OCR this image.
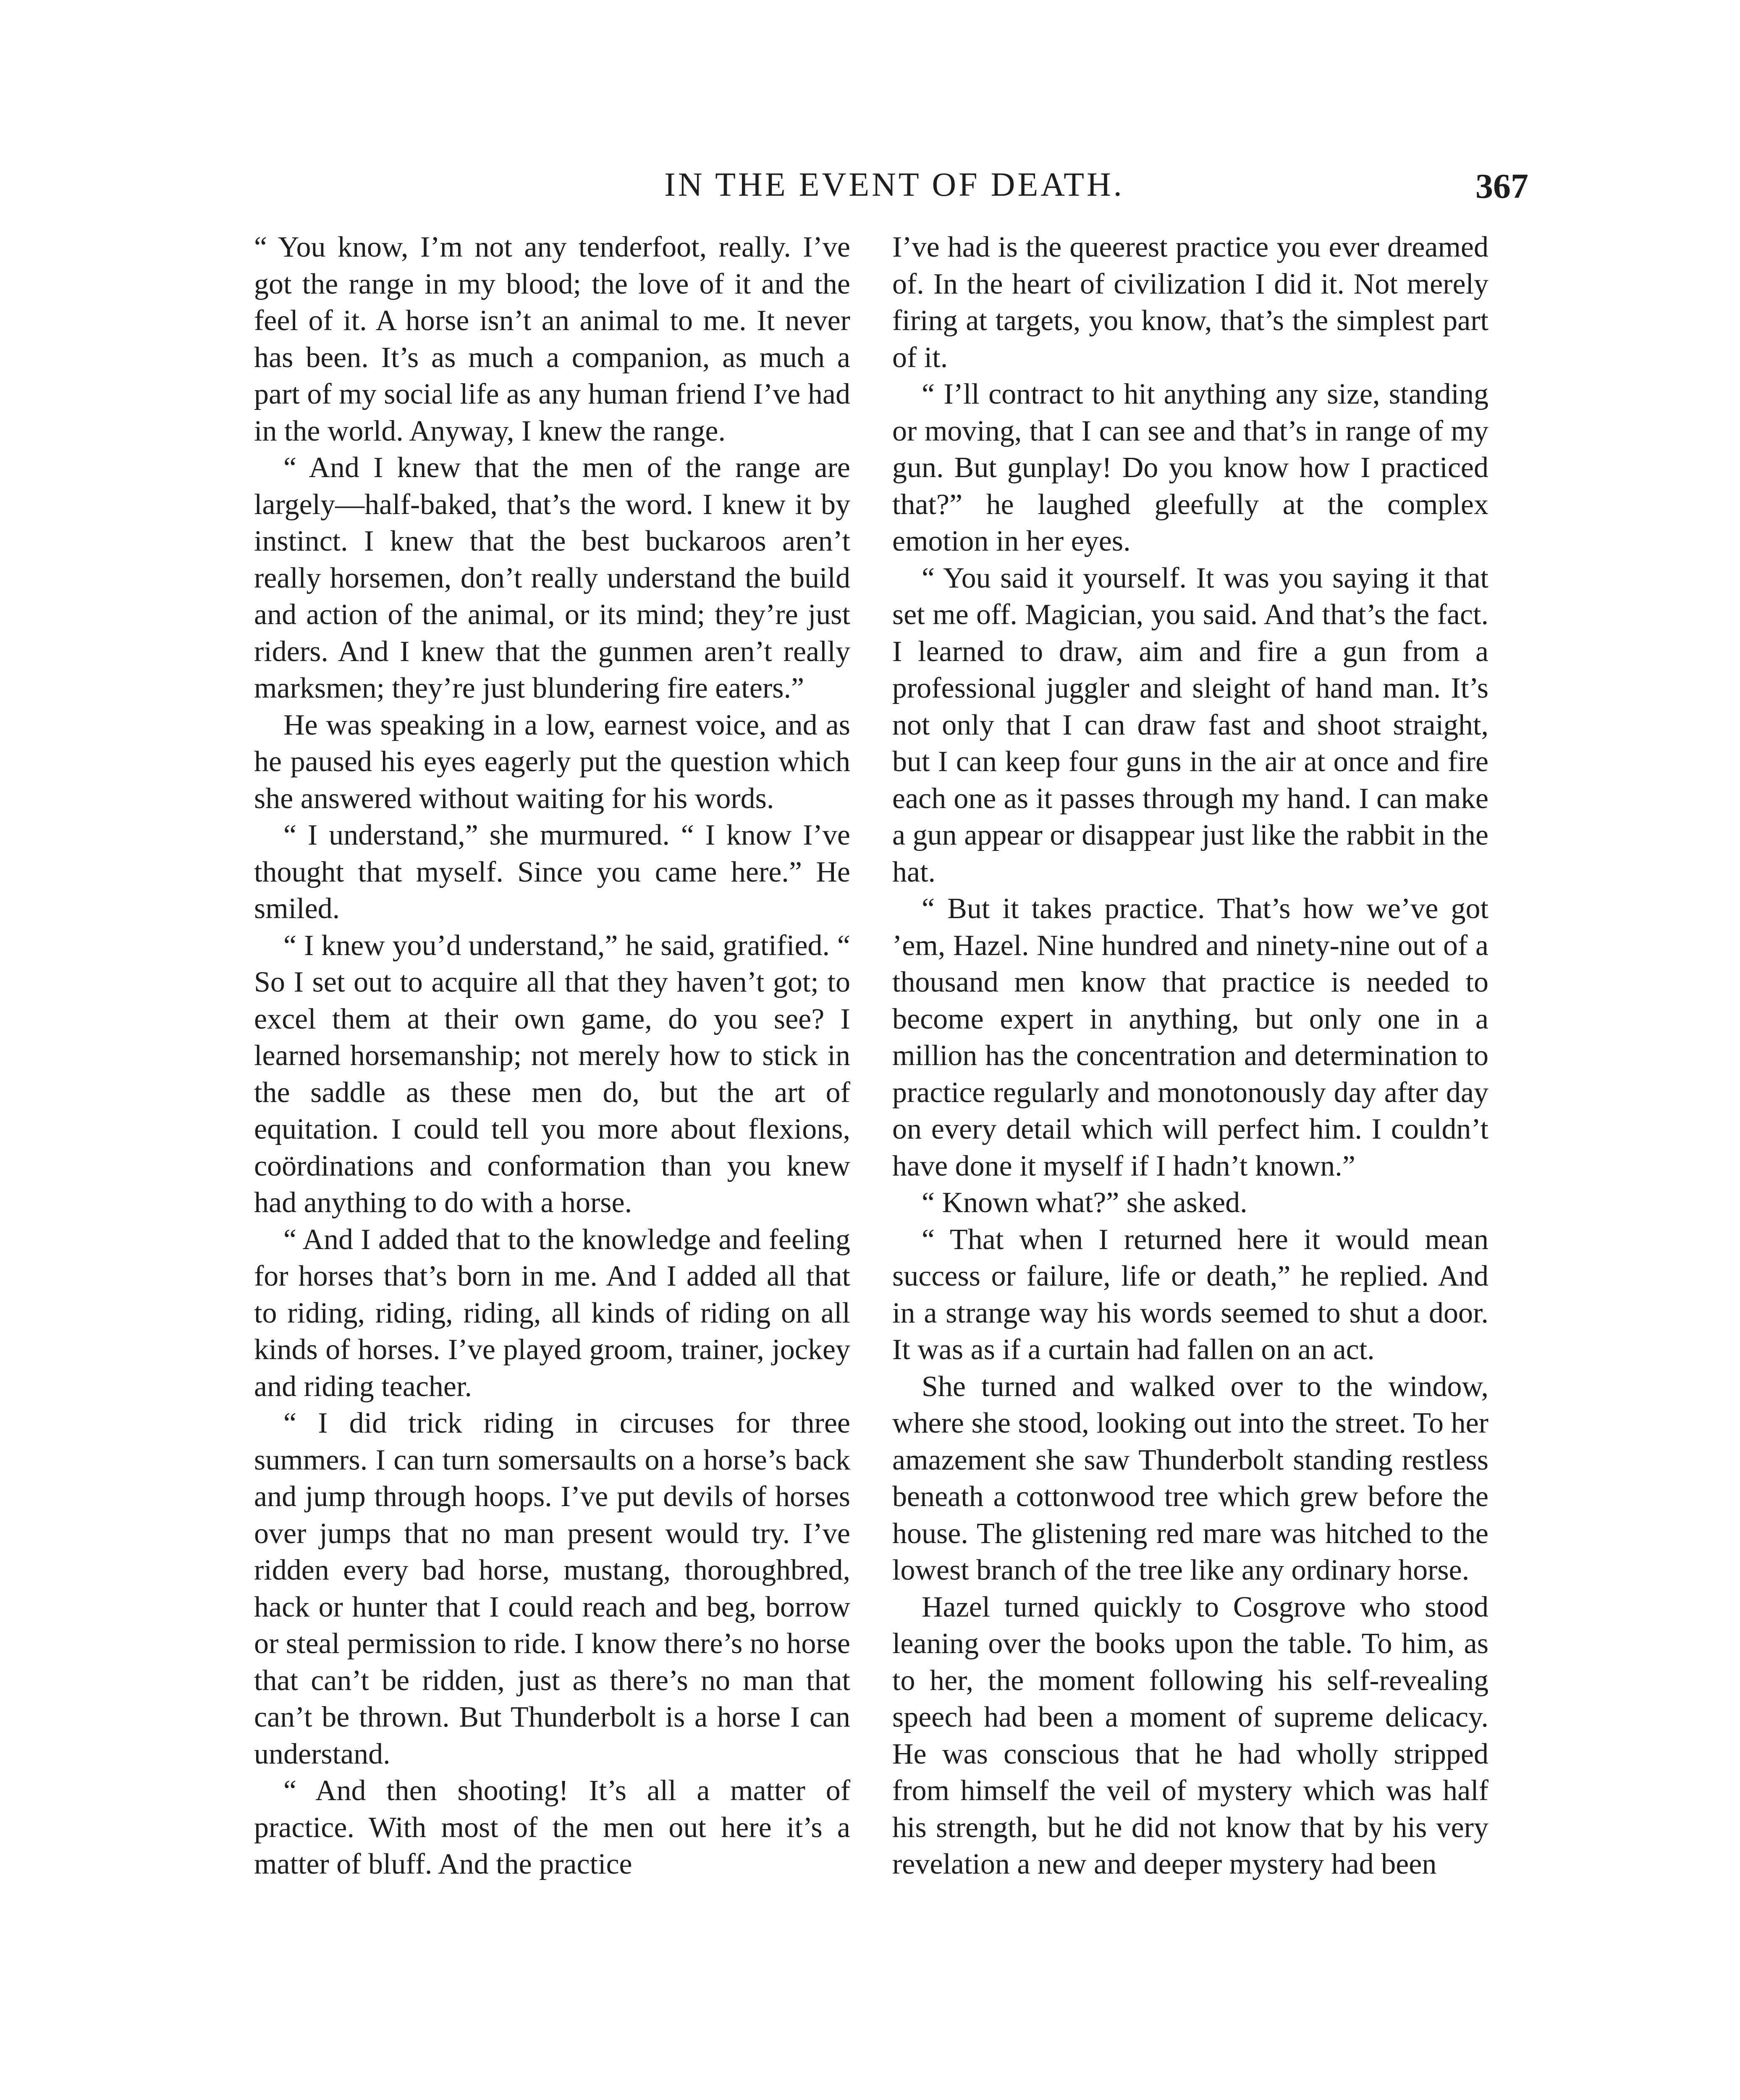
IN THE EVENT OF DEATH.	367

“ You know, I’m not any tenderfoot, really. I’ve got the range in my blood; the love of it and the feel of it. A horse isn’t an animal to me. It never has been. It’s as much a companion, as much a part of my social life as any human friend I’ve had in the world. Anyway, I knew the range.

“ And I knew that the men of the range are largely—half-baked, that’s the word. I knew it by instinct. I knew that the best buckaroos aren’t really horsemen, don’t really understand the build and action of the animal, or its mind; they’re just riders. And I knew that the gunmen aren’t really marksmen; they’re just blundering fire eaters.”

He was speaking in a low, earnest voice, and as he paused his eyes eagerly put the question which she answered without waiting for his words.

“ I understand,” she murmured. “ I know I’ve thought that myself. Since you came here.” He smiled.

“ I knew you’d understand,” he said, gratified. “ So I set out to acquire all that they haven’t got; to excel them at their own game, do you see? I learned horsemanship; not merely how to stick in the saddle as these men do, but the art of equitation. I could tell you more about flexions, coördinations and conformation than you knew had anything to do with a horse.

“ And I added that to the knowledge and feeling for horses that’s born in me. And I added all that to riding, riding, riding, all kinds of riding on all kinds of horses. I’ve played groom, trainer, jockey and riding teacher.

“ I did trick riding in circuses for three summers. I can turn somersaults on a horse’s back and jump through hoops. I’ve put devils of horses over jumps that no man present would try. I’ve ridden every bad horse, mustang, thoroughbred, hack or hunter that I could reach and beg, borrow or steal permission to ride. I know there’s no horse that can’t be ridden, just as there’s no man that can’t be thrown. But Thunderbolt is a horse I can understand.

“ And then shooting! It’s all a matter of practice. With most of the men out here it’s a matter of bluff. And the practice

I’ve had is the queerest practice you ever dreamed of. In the heart of civilization I did it. Not merely firing at targets, you know, that’s the simplest part of it.

“ I’ll contract to hit anything any size, standing or moving, that I can see and that’s in range of my gun. But gunplay! Do you know how I practiced that?” he laughed gleefully at the complex emotion in her eyes.

“ You said it yourself. It was you saying it that set me off. Magician, you said. And that’s the fact. I learned to draw, aim and fire a gun from a professional juggler and sleight of hand man. It’s not only that I can draw fast and shoot straight, but I can keep four guns in the air at once and fire each one as it passes through my hand. I can make a gun appear or disappear just like the rabbit in the hat.

“ But it takes practice. That’s how we’ve got ’em, Hazel. Nine hundred and ninety-nine out of a thousand men know that practice is needed to become expert in anything, but only one in a million has the concentration and determination to practice regularly and monotonously day after day on every detail which will perfect him. I couldn’t have done it myself if I hadn’t known.”

“ Known what?” she asked.

“ That when I returned here it would mean success or failure, life or death,” he replied. And in a strange way his words seemed to shut a door. It was as if a curtain had fallen on an act.

She turned and walked over to the window, where she stood, looking out into the street. To her amazement she saw Thunderbolt standing restless beneath a cottonwood tree which grew before the house. The glistening red mare was hitched to the lowest branch of the tree like any ordinary horse.

Hazel turned quickly to Cosgrove who stood leaning over the books upon the table. To him, as to her, the moment following his self-revealing speech had been a moment of supreme delicacy. He was conscious that he had wholly stripped from himself the veil of mystery which was half his strength, but he did not know that by his very revelation a new and deeper mystery had been
